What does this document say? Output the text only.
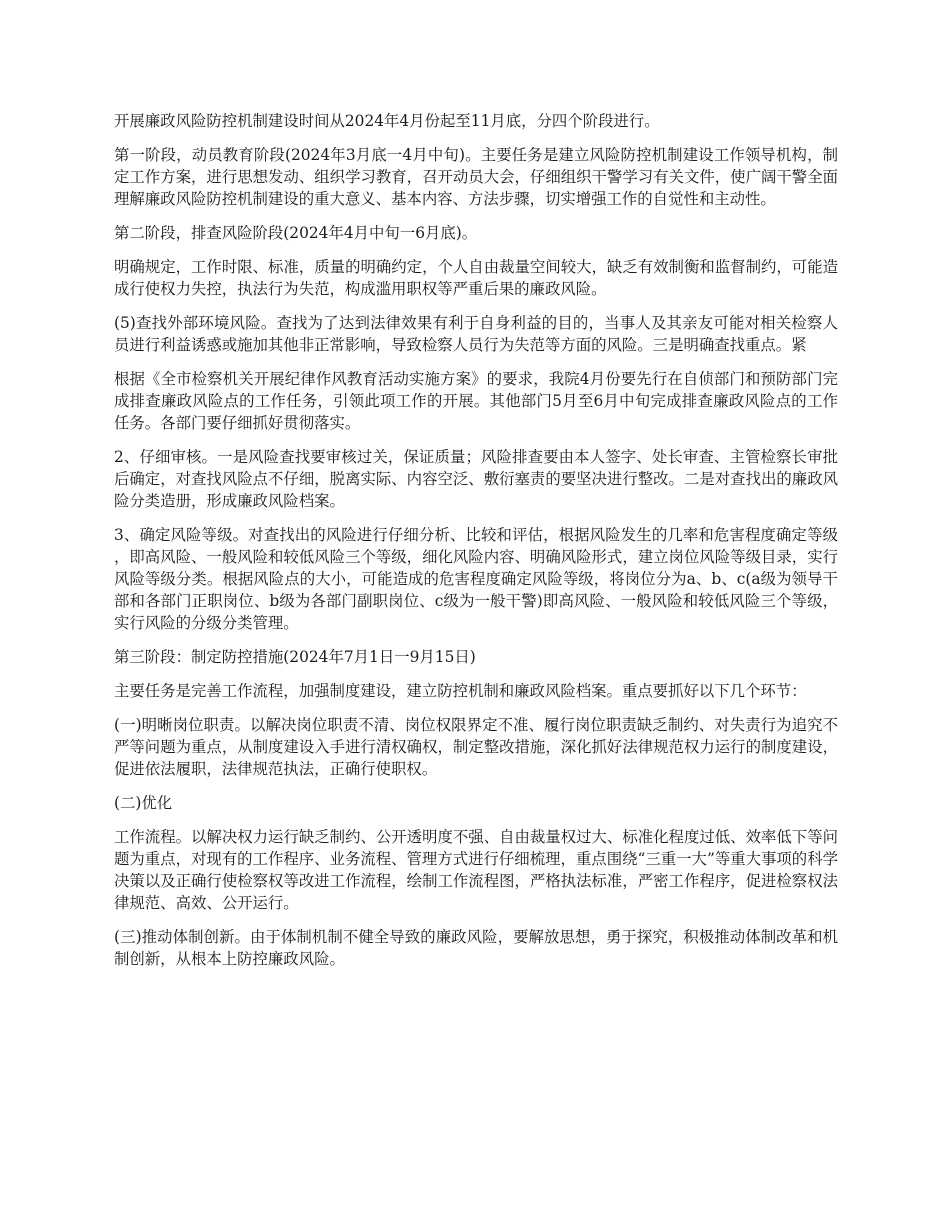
开展廉政风险防控机制建设时间从2024年4月份起至11月底，分四个阶段进行。

第一阶段，动员教育阶段(2024年3月底一4月中旬)。主要任务是建立风险防控机制建设工作领导机构，制定工作方案，进行思想发动、组织学习教育，召开动员大会，仔细组织干警学习有关文件，使广阔干警全面理解廉政风险防控机制建设的重大意义、基本内容、方法步骤，切实增强工作的自觉性和主动性。

第二阶段，排查风险阶段(2024年4月中旬一6月底)。

明确规定，工作时限、标准，质量的明确约定，个人自由裁量空间较大，缺乏有效制衡和监督制约，可能造成行使权力失控，执法行为失范，构成滥用职权等严重后果的廉政风险。

(5)查找外部环境风险。查找为了达到法律效果有利于自身利益的目的，当事人及其亲友可能对相关检察人员进行利益诱惑或施加其他非正常影响，导致检察人员行为失范等方面的风险。三是明确查找重点。紧

根据《全市检察机关开展纪律作风教育活动实施方案》的要求，我院4月份要先行在自侦部门和预防部门完成排查廉政风险点的工作任务，引领此项工作的开展。其他部门5月至6月中旬完成排查廉政风险点的工作任务。各部门要仔细抓好贯彻落实。

2、仔细审核。一是风险查找要审核过关，保证质量；风险排查要由本人签字、处长审查、主管检察长审批后确定，对查找风险点不仔细，脱离实际、内容空泛、敷衍塞责的要坚决进行整改。二是对查找出的廉政风险分类造册，形成廉政风险档案。

3、确定风险等级。对查找出的风险进行仔细分析、比较和评估，根据风险发生的几率和危害程度确定等级，即高风险、一般风险和较低风险三个等级，细化风险内容、明确风险形式，建立岗位风险等级目录，实行风险等级分类。根据风险点的大小，可能造成的危害程度确定风险等级，将岗位分为a、b、c(a级为领导干部和各部门正职岗位、b级为各部门副职岗位、c级为一般干警)即高风险、一般风险和较低风险三个等级，实行风险的分级分类管理。

第三阶段：制定防控措施(2024年7月1日一9月15日)

主要任务是完善工作流程，加强制度建设，建立防控机制和廉政风险档案。重点要抓好以下几个环节：

(一)明晰岗位职责。以解决岗位职责不清、岗位权限界定不准、履行岗位职责缺乏制约、对失责行为追究不严等问题为重点，从制度建设入手进行清权确权，制定整改措施，深化抓好法律规范权力运行的制度建设，促进依法履职，法律规范执法，正确行使职权。

(二)优化

工作流程。以解决权力运行缺乏制约、公开透明度不强、自由裁量权过大、标准化程度过低、效率低下等问题为重点，对现有的工作程序、业务流程、管理方式进行仔细梳理，重点围绕“三重一大”等重大事项的科学决策以及正确行使检察权等改进工作流程，绘制工作流程图，严格执法标准，严密工作程序，促进检察权法律规范、高效、公开运行。

(三)推动体制创新。由于体制机制不健全导致的廉政风险，要解放思想，勇于探究，积极推动体制改革和机制创新，从根本上防控廉政风险。
